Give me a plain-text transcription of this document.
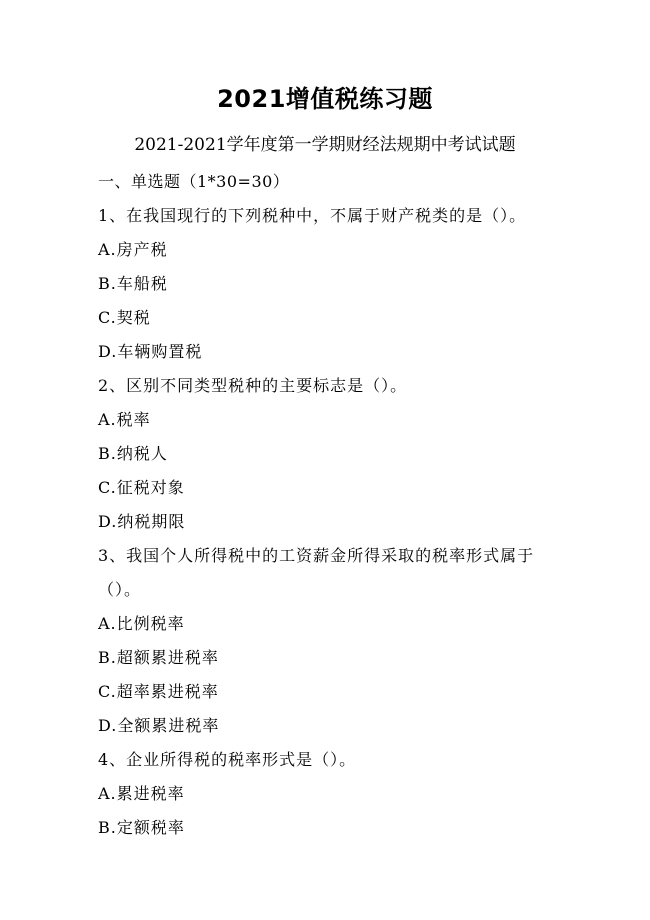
2021增值税练习题
2021-2021学年度第一学期财经法规期中考试试题
一、单选题（1*30=30）
1、在我国现行的下列税种中，不属于财产税类的是（）。
A.房产税
B.车船税
C.契税
D.车辆购置税
2、区别不同类型税种的主要标志是（）。
A.税率
B.纳税人
C.征税对象
D.纳税期限
3、我国个人所得税中的工资薪金所得采取的税率形式属于
（）。
A.比例税率
B.超额累进税率
C.超率累进税率
D.全额累进税率
4、企业所得税的税率形式是（）。
A.累进税率
B.定额税率
